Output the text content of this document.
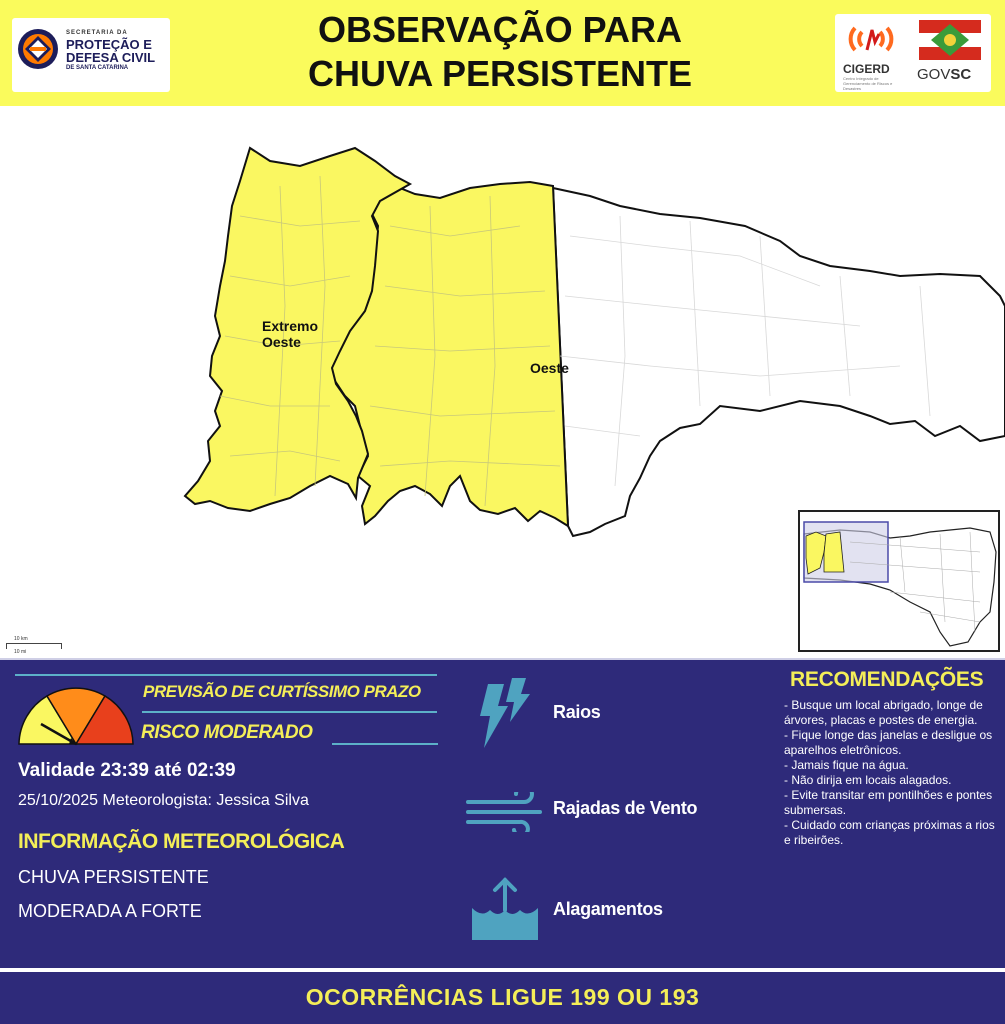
SECRETARIA DA
PROTEÇÃO E
DEFESA CIVIL
DE SANTA CATARINA
OBSERVAÇÃO PARA
CHUVA PERSISTENTE	CIGERD
Centro Integrado de Gerenciamento de Riscos e Desastres
GOVSC
Extremo
Oeste
Oeste
10 km
10 mi
PREVISÃO DE CURTÍSSIMO PRAZO
RISCO MODERADO
Validade 23:39 até 02:39
25/10/2025 Meteorologista: Jessica Silva
INFORMAÇÃO METEOROLÓGICA
CHUVA PERSISTENTE
MODERADA A FORTE
Raios
Rajadas de Vento
Alagamentos
RECOMENDAÇÕES
- Busque um local abrigado, longe de árvores, placas e postes de energia.
- Fique longe das janelas e desligue os aparelhos eletrônicos.
- Jamais fique na água.
- Não dirija em locais alagados.
- Evite transitar em pontilhões e pontes submersas.
- Cuidado com crianças próximas a rios e ribeirões.
OCORRÊNCIAS LIGUE 199 OU 193
